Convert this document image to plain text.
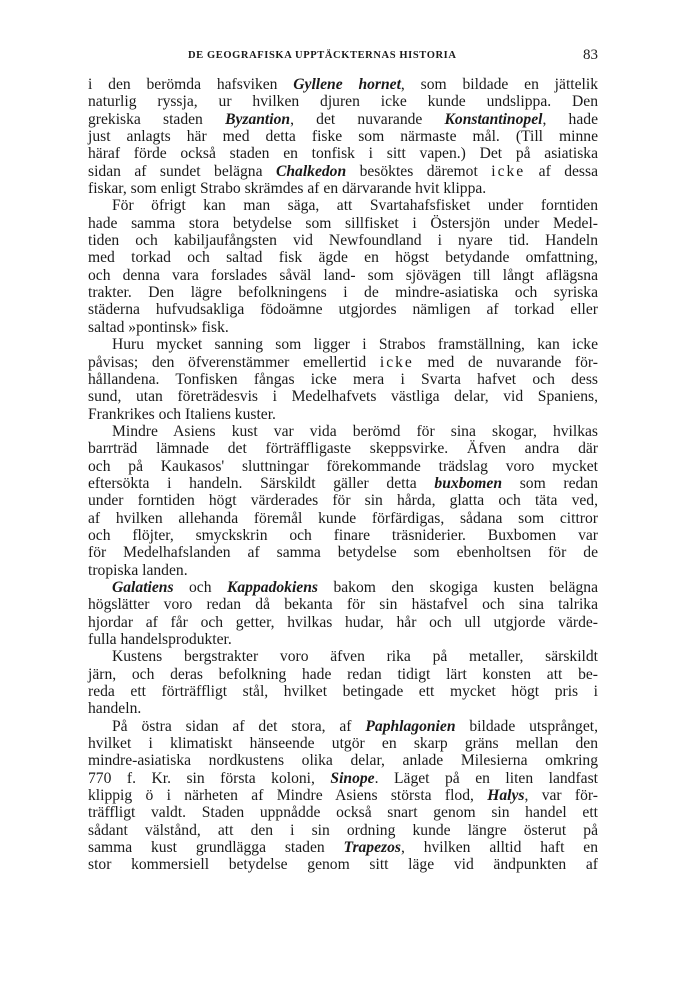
DE GEOGRAFISKA UPPTÄCKTERNAS HISTORIA	83
i den berömda hafsviken Gyllene hornet, som bildade en jättelik
naturlig ryssja, ur hvilken djuren icke kunde undslippa. Den
grekiska staden Byzantion, det nuvarande Konstantinopel, hade
just anlagts här med detta fiske som närmaste mål. (Till minne
häraf förde också staden en tonfisk i sitt vapen.) Det på asiatiska
sidan af sundet belägna Chalkedon besöktes däremot icke af dessa
fiskar, som enligt Strabo skrämdes af en därvarande hvit klippa.
För öfrigt kan man säga, att Svartahafsfisket under forntiden
hade samma stora betydelse som sillfisket i Östersjön under Medel-
tiden och kabiljaufångsten vid Newfoundland i nyare tid. Handeln
med torkad och saltad fisk ägde en högst betydande omfattning,
och denna vara forslades såväl land- som sjövägen till långt aflägsna
trakter. Den lägre befolkningens i de mindre-asiatiska och syriska
städerna hufvudsakliga födoämne utgjordes nämligen af torkad eller
saltad »pontinsk» fisk.
Huru mycket sanning som ligger i Strabos framställning, kan icke
påvisas; den öfverenstämmer emellertid icke med de nuvarande för-
hållandena. Tonfisken fångas icke mera i Svarta hafvet och dess
sund, utan företrädesvis i Medelhafvets västliga delar, vid Spaniens,
Frankrikes och Italiens kuster.
Mindre Asiens kust var vida berömd för sina skogar, hvilkas
barrträd lämnade det förträffligaste skeppsvirke. Äfven andra där
och på Kaukasos' sluttningar förekommande trädslag voro mycket
eftersökta i handeln. Särskildt gäller detta buxbomen som redan
under forntiden högt värderades för sin hårda, glatta och täta ved,
af hvilken allehanda föremål kunde förfärdigas, sådana som cittror
och flöjter, smyckskrin och finare träsniderier. Buxbomen var
för Medelhafslanden af samma betydelse som ebenholtsen för de
tropiska landen.
Galatiens och Kappadokiens bakom den skogiga kusten belägna
högslätter voro redan då bekanta för sin hästafvel och sina talrika
hjordar af får och getter, hvilkas hudar, hår och ull utgjorde värde-
fulla handelsprodukter.
Kustens bergstrakter voro äfven rika på metaller, särskildt
järn, och deras befolkning hade redan tidigt lärt konsten att be-
reda ett förträffligt stål, hvilket betingade ett mycket högt pris i
handeln.
På östra sidan af det stora, af Paphlagonien bildade utsprånget,
hvilket i klimatiskt hänseende utgör en skarp gräns mellan den
mindre-asiatiska nordkustens olika delar, anlade Milesierna omkring
770 f. Kr. sin första koloni, Sinope. Läget på en liten landfast
klippig ö i närheten af Mindre Asiens största flod, Halys, var för-
träffligt valdt. Staden uppnådde också snart genom sin handel ett
sådant välstånd, att den i sin ordning kunde längre österut på
samma kust grundlägga staden Trapezos, hvilken alltid haft en
stor kommersiell betydelse genom sitt läge vid ändpunkten af
